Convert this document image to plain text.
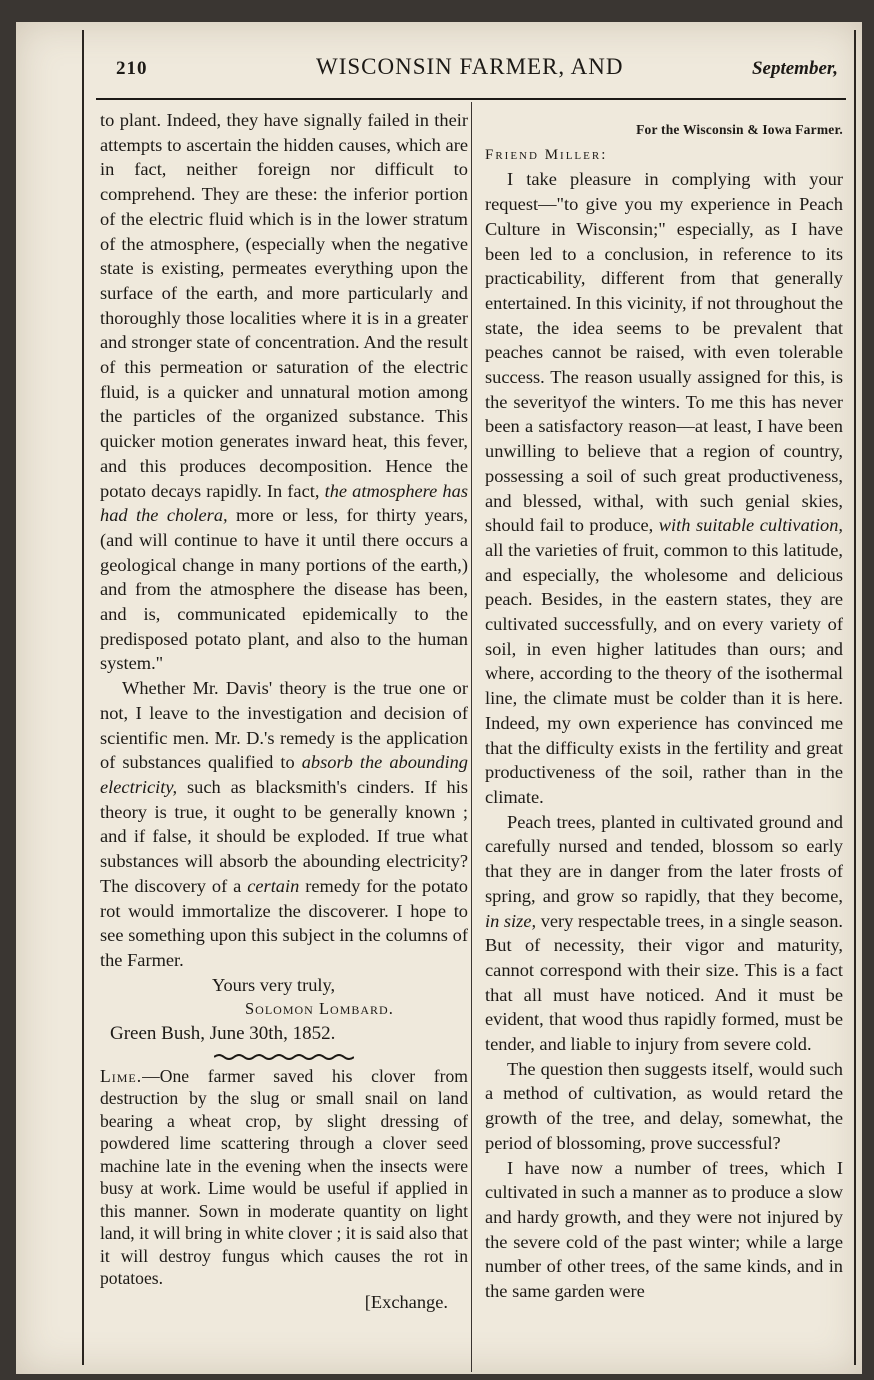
210	WISCONSIN FARMER, AND	September,

to plant. Indeed, they have signally failed in their attempts to ascertain the hidden causes, which are in fact, neither foreign nor difficult to comprehend. They are these: the inferior portion of the electric fluid which is in the lower stratum of the atmosphere, (especially when the negative state is existing, permeates everything upon the surface of the earth, and more particularly and thoroughly those localities where it is in a greater and stronger state of concentration. And the result of this permeation or saturation of the electric fluid, is a quicker and unnatural motion among the particles of the organized substance. This quicker motion generates inward heat, this fever, and this produces decomposition. Hence the potato decays rapidly. In fact, the atmosphere has had the cholera, more or less, for thirty years, (and will continue to have it until there occurs a geological change in many portions of the earth,) and from the atmosphere the disease has been, and is, communicated epidemically to the predisposed potato plant, and also to the human system."

Whether Mr. Davis' theory is the true one or not, I leave to the investigation and decision of scientific men. Mr. D.'s remedy is the application of substances qualified to absorb the abounding electricity, such as blacksmith's cinders. If his theory is true, it ought to be generally known ; and if false, it should be exploded. If true what substances will absorb the abounding electricity? The discovery of a certain remedy for the potato rot would immortalize the discoverer. I hope to see something upon this subject in the columns of the Farmer.

Yours very truly,

Solomon Lombard.

Green Bush, June 30th, 1852.

Lime.—One farmer saved his clover from destruction by the slug or small snail on land bearing a wheat crop, by slight dressing of powdered lime scattering through a clover seed machine late in the evening when the insects were busy at work. Lime would be useful if applied in this manner. Sown in moderate quantity on light land, it will bring in white clover ; it is said also that it will destroy fungus which causes the rot in potatoes.

[Exchange.

For the Wisconsin & Iowa Farmer.

Friend Miller:

I take pleasure in complying with your request—"to give you my experience in Peach Culture in Wisconsin;" especially, as I have been led to a conclusion, in reference to its practicability, different from that generally entertained. In this vicinity, if not throughout the state, the idea seems to be prevalent that peaches cannot be raised, with even tolerable success. The reason usually assigned for this, is the severityof the winters. To me this has never been a satisfactory reason—at least, I have been unwilling to believe that a region of country, possessing a soil of such great productiveness, and blessed, withal, with such genial skies, should fail to produce, with suitable cultivation, all the varieties of fruit, common to this latitude, and especially, the wholesome and delicious peach. Besides, in the eastern states, they are cultivated successfully, and on every variety of soil, in even higher latitudes than ours; and where, according to the theory of the isothermal line, the climate must be colder than it is here. Indeed, my own experience has convinced me that the difficulty exists in the fertility and great productiveness of the soil, rather than in the climate.

Peach trees, planted in cultivated ground and carefully nursed and tended, blossom so early that they are in danger from the later frosts of spring, and grow so rapidly, that they become, in size, very respectable trees, in a single season. But of necessity, their vigor and maturity, cannot correspond with their size. This is a fact that all must have noticed. And it must be evident, that wood thus rapidly formed, must be tender, and liable to injury from severe cold.

The question then suggests itself, would such a method of cultivation, as would retard the growth of the tree, and delay, somewhat, the period of blossoming, prove successful?

I have now a number of trees, which I cultivated in such a manner as to produce a slow and hardy growth, and they were not injured by the severe cold of the past winter; while a large number of other trees, of the same kinds, and in the same garden were
